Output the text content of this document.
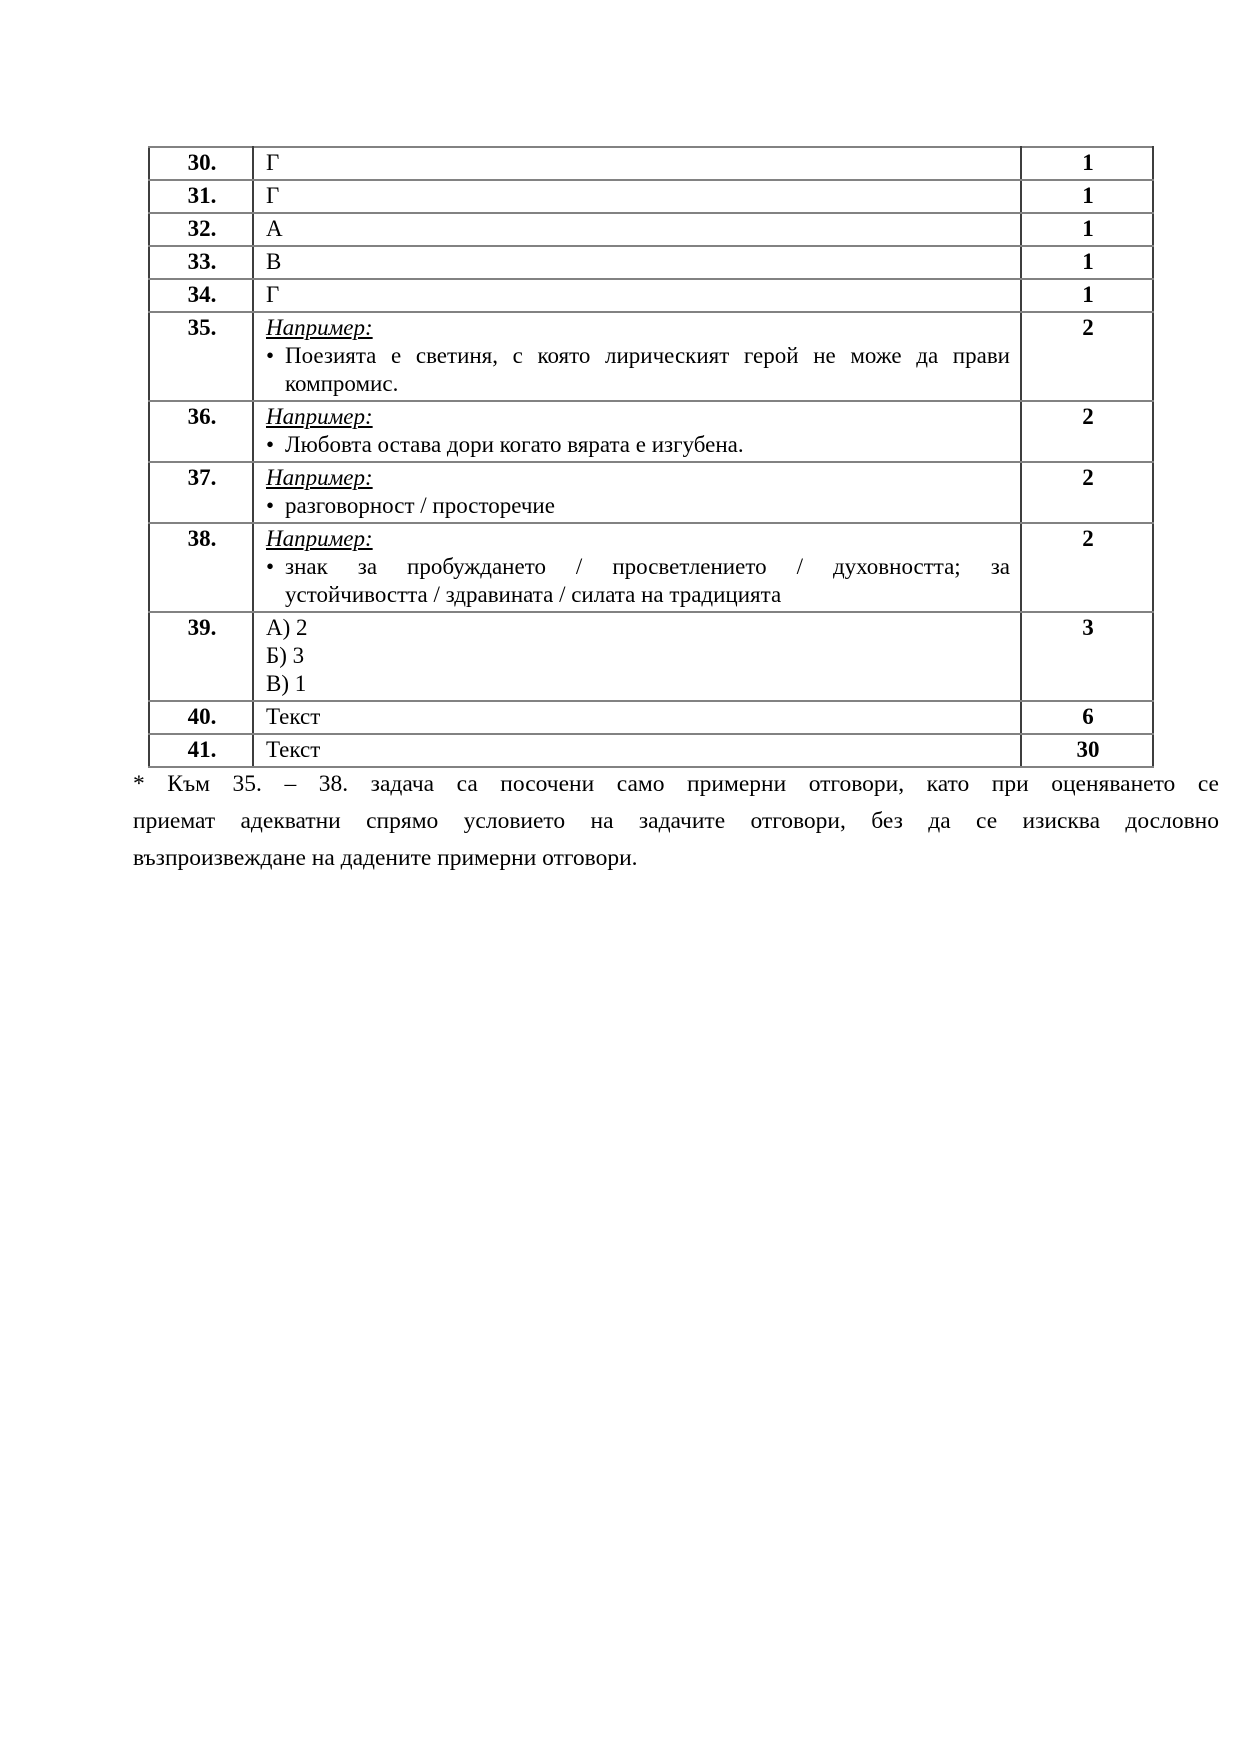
30.	Г	1
31.	Г	1
32.	А	1
33.	В	1
34.	Г	1
35.	Например:
• Поезията е светиня, с която лирическият герой не може да прави
компромис.	2
36.	Например:
• Любовта остава дори когато вярата е изгубена.	2
37.	Например:
• разговорност / просторечие	2
38.	Например:
• знак за пробуждането / просветлението / духовността; за
устойчивостта / здравината / силата на традицията	2
39.	А) 2
Б) 3
В) 1	3
40.	Текст	6
41.	Текст	30
* Към 35. – 38. задача са посочени само примерни отговори, като при оценяването се
приемат адекватни спрямо условието на задачите отговори, без да се изисква дословно
възпроизвеждане на дадените примерни отговори.
